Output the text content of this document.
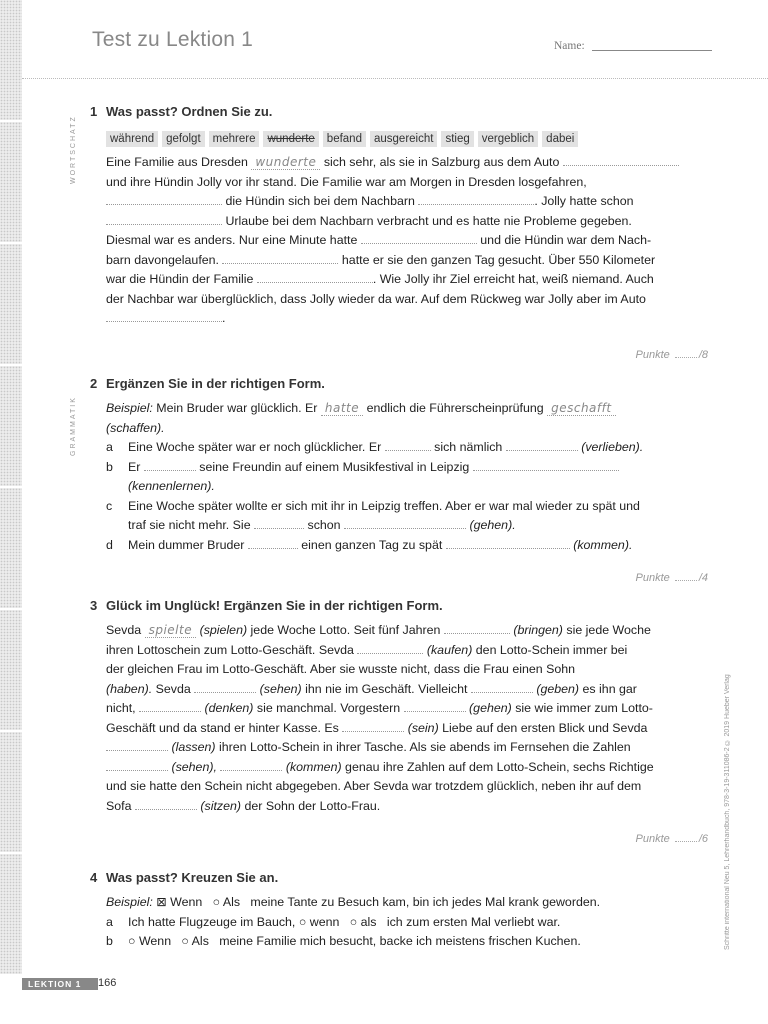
Test zu Lektion 1	Name:
WORTSCHATZ
GRAMMATIK
1 Was passt? Ordnen Sie zu.
während	gefolgt	mehrere	wunderte	befand	ausgereicht	stieg	vergeblich	dabei
Eine Familie aus Dresden wunderte sich sehr, als sie in Salzburg aus dem Auto
und ihre Hündin Jolly vor ihr stand. Die Familie war am Morgen in Dresden losgefahren,
die Hündin sich bei dem Nachbarn	. Jolly hatte schon
Urlaube bei dem Nachbarn verbracht und es hatte nie Probleme gegeben.
Diesmal war es anders. Nur eine Minute hatte	und die Hündin war dem Nach-
barn davongelaufen.	hatte er sie den ganzen Tag gesucht. Über 550 Kilometer
war die Hündin der Familie	. Wie Jolly ihr Ziel erreicht hat, weiß niemand. Auch
der Nachbar war überglücklich, dass Jolly wieder da war. Auf dem Rückweg war Jolly aber im Auto
.
Punkte	/8
2 Ergänzen Sie in der richtigen Form.
Beispiel: Mein Bruder war glücklich. Er hatte endlich die Führerscheinprüfung geschafft
(schaffen).
a	Eine Woche später war er noch glücklicher. Er	sich nämlich	(verlieben).
b	Er	seine Freundin auf einem Musikfestival in Leipzig
(kennenlernen).
c	Eine Woche später wollte er sich mit ihr in Leipzig treffen. Aber er war mal wieder zu spät und
traf sie nicht mehr. Sie	schon	(gehen).
d	Mein dummer Bruder	einen ganzen Tag zu spät	(kommen).
Punkte	/4
3 Glück im Unglück! Ergänzen Sie in der richtigen Form.
Sevda spielte (spielen) jede Woche Lotto. Seit fünf Jahren	(bringen) sie jede Woche
ihren Lottoschein zum Lotto-Geschäft. Sevda	(kaufen) den Lotto-Schein immer bei
der gleichen Frau im Lotto-Geschäft. Aber sie wusste nicht, dass die Frau einen Sohn
(haben). Sevda	(sehen) ihn nie im Geschäft. Vielleicht	(geben) es ihn gar
nicht,	(denken) sie manchmal. Vorgestern	(gehen) sie wie immer zum Lotto-
Geschäft und da stand er hinter Kasse. Es	(sein) Liebe auf den ersten Blick und Sevda
(lassen) ihren Lotto-Schein in ihrer Tasche. Als sie abends im Fernsehen die Zahlen
(sehen),	(kommen) genau ihre Zahlen auf dem Lotto-Schein, sechs Richtige
und sie hatte den Schein nicht abgegeben. Aber Sevda war trotzdem glücklich, neben ihr auf dem
Sofa	(sitzen) der Sohn der Lotto-Frau.
Punkte	/6
4 Was passt? Kreuzen Sie an.
Beispiel: ⊠ Wenn ○ Als meine Tante zu Besuch kam, bin ich jedes Mal krank geworden.
a	Ich hatte Flugzeuge im Bauch, ○ wenn ○ als ich zum ersten Mal verliebt war.
b	○ Wenn ○ Als meine Familie mich besucht, backe ich meistens frischen Kuchen.	Schritte international Neu 5, Lehrerhandbuch, 978-3-19-311086-2 © 2019 Hueber Verlag
LEKTION 1	166
